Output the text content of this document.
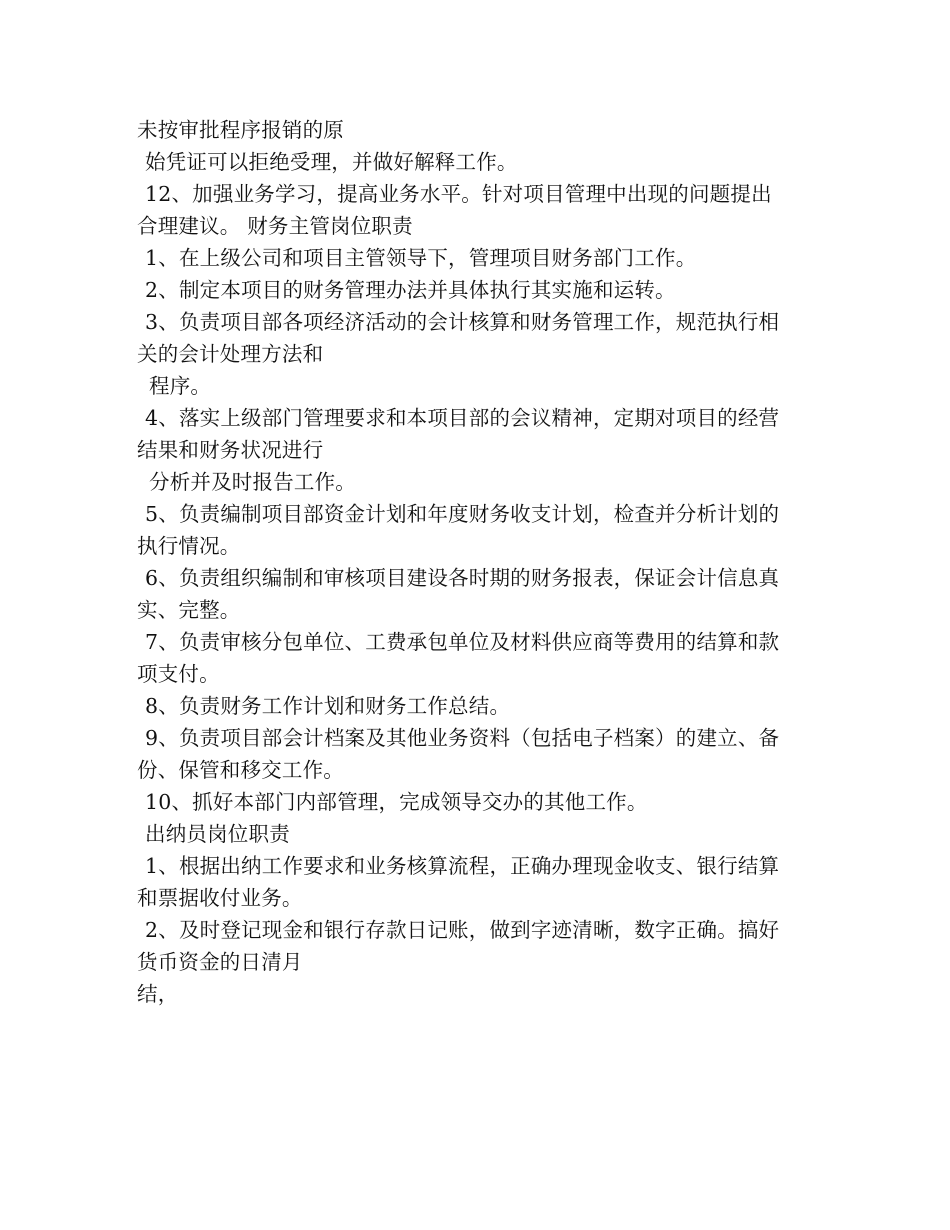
未按审批程序报销的原
始凭证可以拒绝受理，并做好解释工作。
12、加强业务学习，提高业务水平。针对项目管理中出现的问题提出
合理建议。 财务主管岗位职责
1、在上级公司和项目主管领导下，管理项目财务部门工作。
2、制定本项目的财务管理办法并具体执行其实施和运转。
3、负责项目部各项经济活动的会计核算和财务管理工作，规范执行相
关的会计处理方法和
程序。
4、落实上级部门管理要求和本项目部的会议精神，定期对项目的经营
结果和财务状况进行
分析并及时报告工作。
5、负责编制项目部资金计划和年度财务收支计划，检查并分析计划的
执行情况。
6、负责组织编制和审核项目建设各时期的财务报表，保证会计信息真
实、完整。
7、负责审核分包单位、工费承包单位及材料供应商等费用的结算和款
项支付。
8、负责财务工作计划和财务工作总结。
9、负责项目部会计档案及其他业务资料（包括电子档案）的建立、备
份、保管和移交工作。
10、抓好本部门内部管理，完成领导交办的其他工作。
出纳员岗位职责
1、根据出纳工作要求和业务核算流程，正确办理现金收支、银行结算
和票据收付业务。
2、及时登记现金和银行存款日记账，做到字迹清晰，数字正确。搞好
货币资金的日清月
结，
